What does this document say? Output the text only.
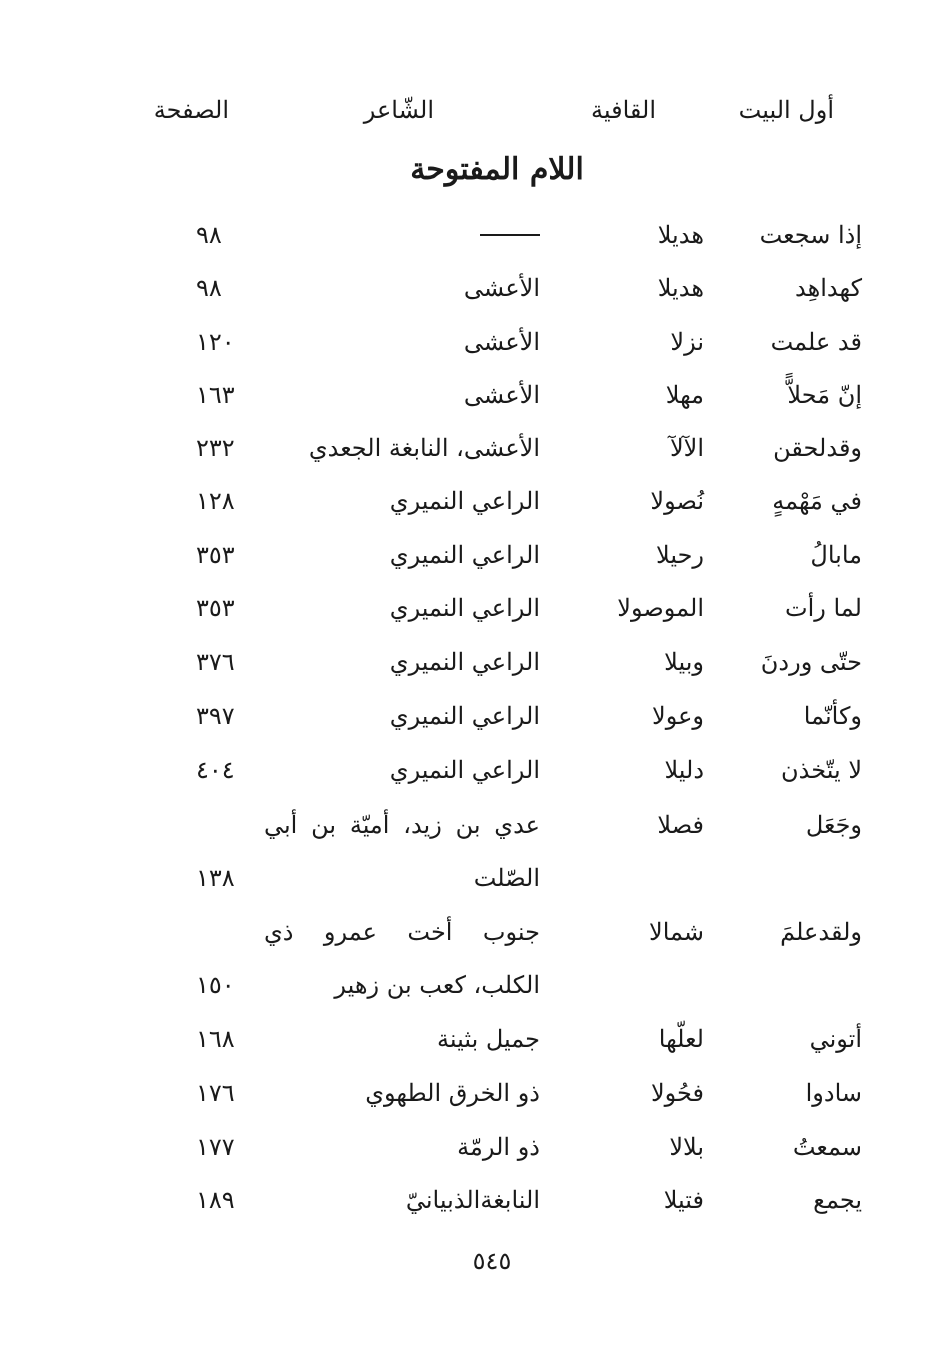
أول البيت
القافية
الشّاعر
الصفحة
اللام المفتوحة
إذا سجعت
هديلا
٩٨
كهداهِد
هديلا
الأعشى
٩٨
قد علمت
نزلا
الأعشى
١٢٠
إنّ مَحلاًّ
مهلا
الأعشى
١٦٣
وقدلحقن
الآلآ
الأعشى، النابغة الجعدي
٢٣٢
في مَهْمهٍ
نُصولا
الراعي النميري
١٢٨
مابالُ
رحيلا
الراعي النميري
٣٥٣
لما رأت
الموصولا
الراعي النميري
٣٥٣
حتّى وردنَ
وبيلا
الراعي النميري
٣٧٦
وكأنّما
وعولا
الراعي النميري
٣٩٧
لا يتّخذن
دليلا
الراعي النميري
٤٠٤
وجَعَل
فصلا
عدي بن زيد، أميّة بن أبي
الصّلت
١٣٨
ولقدعلمَ
شمالا
جنوب أخت عمرو ذي
الكلب، كعب بن زهير
١٥٠
أتوني
لعلّها
جميل بثينة
١٦٨
سادوا
فحُولا
ذو الخرق الطهوي
١٧٦
سمعتُ
بلالا
ذو الرمّة
١٧٧
يجمع
فتيلا
النابغةالذبيانيّ
١٨٩
٥٤٥
